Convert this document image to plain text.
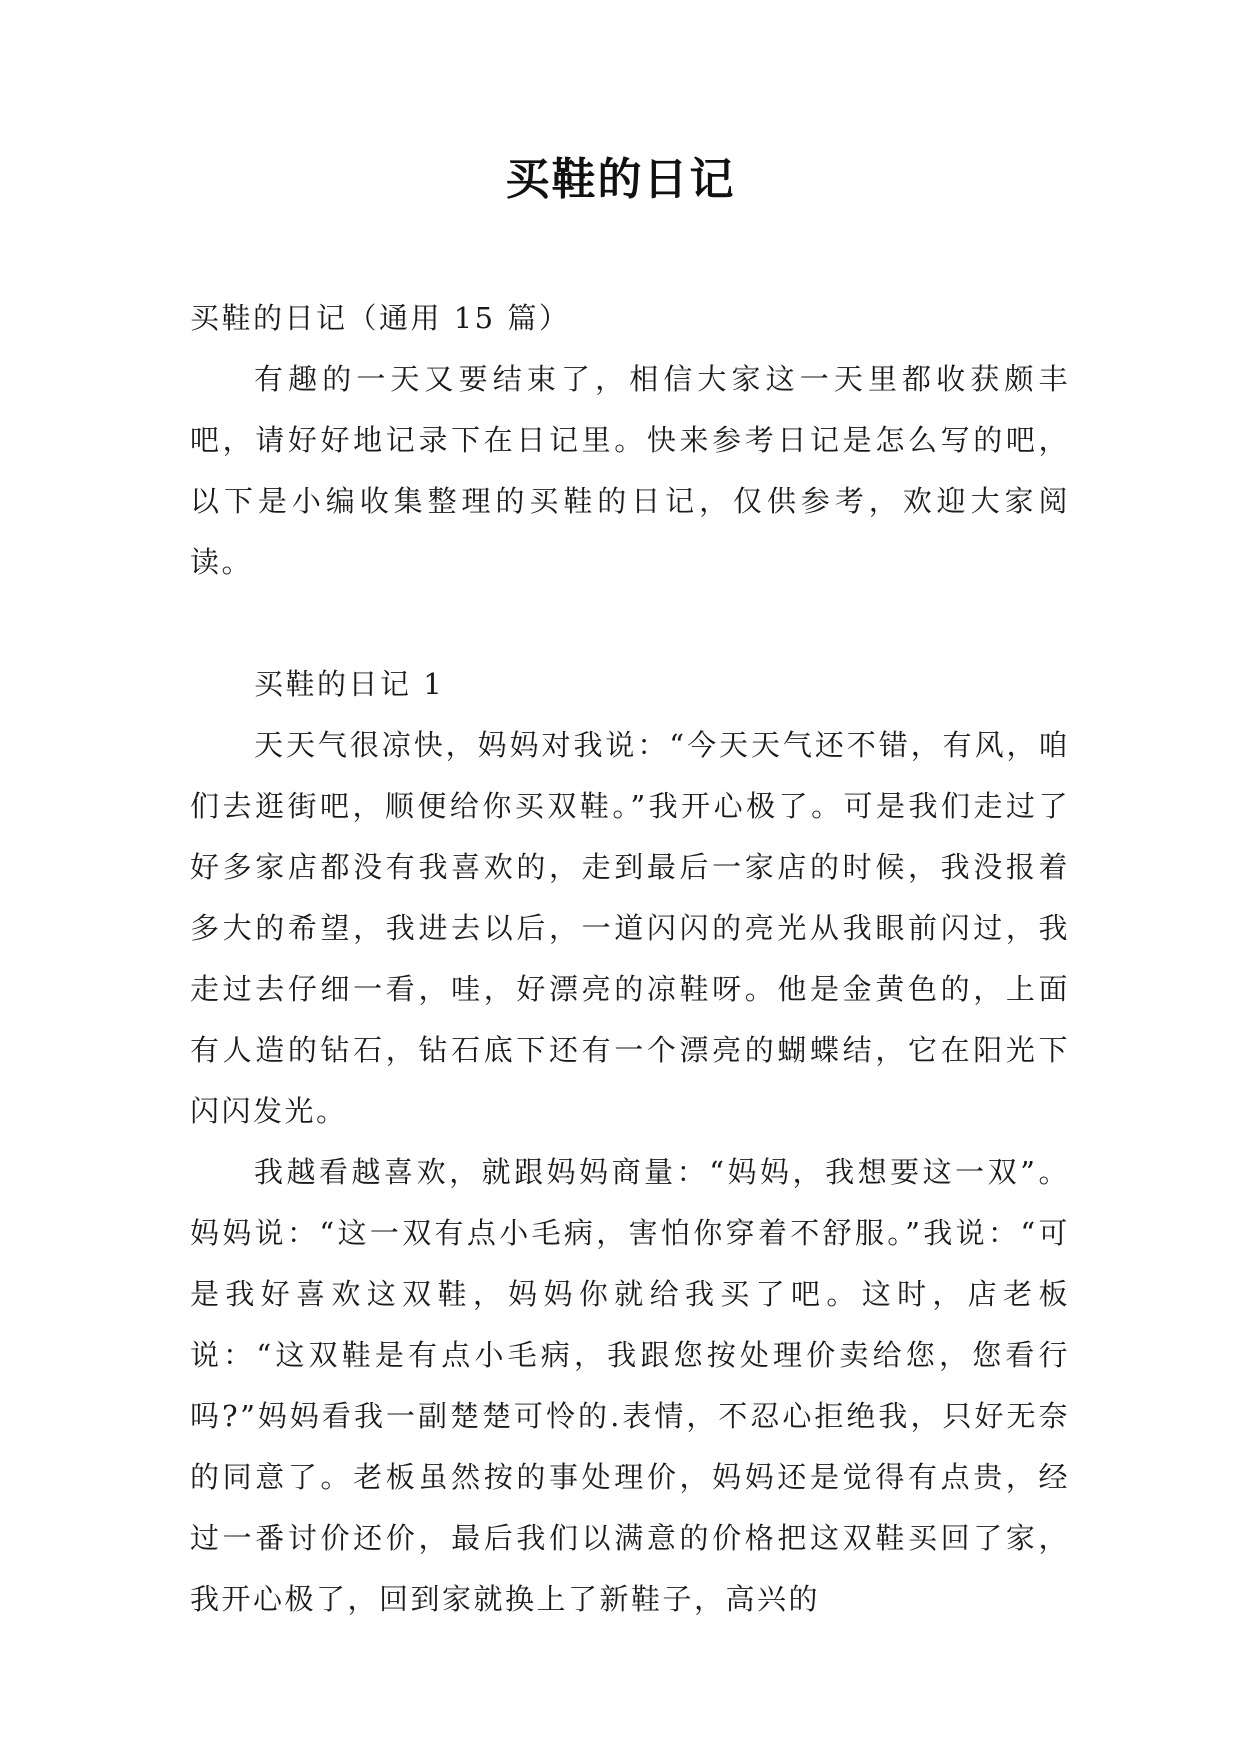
买鞋的日记

买鞋的日记（通用 15 篇）

有趣的一天又要结束了，相信大家这一天里都收获颇丰吧，请好好地记录下在日记里。快来参考日记是怎么写的吧，以下是小编收集整理的买鞋的日记，仅供参考，欢迎大家阅读。

买鞋的日记 1

天天气很凉快，妈妈对我说：“今天天气还不错，有风，咱们去逛街吧，顺便给你买双鞋。”我开心极了。可是我们走过了好多家店都没有我喜欢的，走到最后一家店的时候，我没报着多大的希望，我进去以后，一道闪闪的亮光从我眼前闪过，我走过去仔细一看，哇，好漂亮的凉鞋呀。他是金黄色的，上面有人造的钻石，钻石底下还有一个漂亮的蝴蝶结，它在阳光下闪闪发光。

我越看越喜欢，就跟妈妈商量：“妈妈，我想要这一双”。妈妈说：“这一双有点小毛病，害怕你穿着不舒服。”我说：“可是我好喜欢这双鞋，妈妈你就给我买了吧。这时，店老板说：“这双鞋是有点小毛病，我跟您按处理价卖给您，您看行吗?”妈妈看我一副楚楚可怜的.表情，不忍心拒绝我，只好无奈的同意了。老板虽然按的事处理价，妈妈还是觉得有点贵，经过一番讨价还价，最后我们以满意的价格把这双鞋买回了家，我开心极了，回到家就换上了新鞋子，高兴的
